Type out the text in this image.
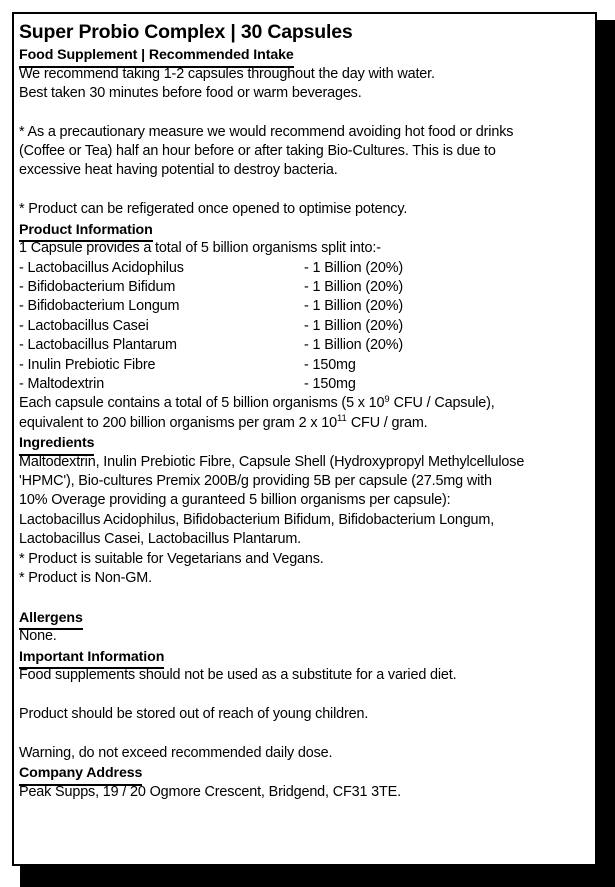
Super Probio Complex | 30 Capsules
Food Supplement | Recommended Intake
We recommend taking 1-2 capsules throughout the day with water.
Best taken 30 minutes before food or warm beverages.

* As a precautionary measure we would recommend avoiding hot food or drinks
(Coffee or Tea) half an hour before or after taking Bio-Cultures. This is due to
excessive heat having potential to destroy bacteria.

* Product can be refigerated once opened to optimise potency.
Product Information
1 Capsule provides a total of 5 billion organisms split into:-
- Lactobacillus Acidophilus	- 1 Billion (20%)
- Bifidobacterium Bifidum	- 1 Billion (20%)
- Bifidobacterium Longum	- 1 Billion (20%)
- Lactobacillus Casei	- 1 Billion (20%)
- Lactobacillus Plantarum	- 1 Billion (20%)
- Inulin Prebiotic Fibre	- 150mg
- Maltodextrin	- 150mg
Each capsule contains a total of 5 billion organisms (5 x $10^9$ CFU / Capsule),
equivalent to 200 billion organisms per gram 2 x $10^{11}$ CFU / gram.
Ingredients
Maltodextrin, Inulin Prebiotic Fibre, Capsule Shell (Hydroxypropyl Methylcellulose
'HPMC'), Bio-cultures Premix 200B/g providing 5B per capsule (27.5mg with
10% Overage providing a guranteed 5 billion organisms per capsule):
Lactobacillus Acidophilus, Bifidobacterium Bifidum, Bifidobacterium Longum,
Lactobacillus Casei, Lactobacillus Plantarum.
* Product is suitable for Vegetarians and Vegans.
* Product is Non-GM.

Allergens
None.
Important Information
Food supplements should not be used as a substitute for a varied diet.

Product should be stored out of reach of young children.

Warning, do not exceed recommended daily dose.
Company Address
Peak Supps, 19 / 20 Ogmore Crescent, Bridgend, CF31 3TE.
